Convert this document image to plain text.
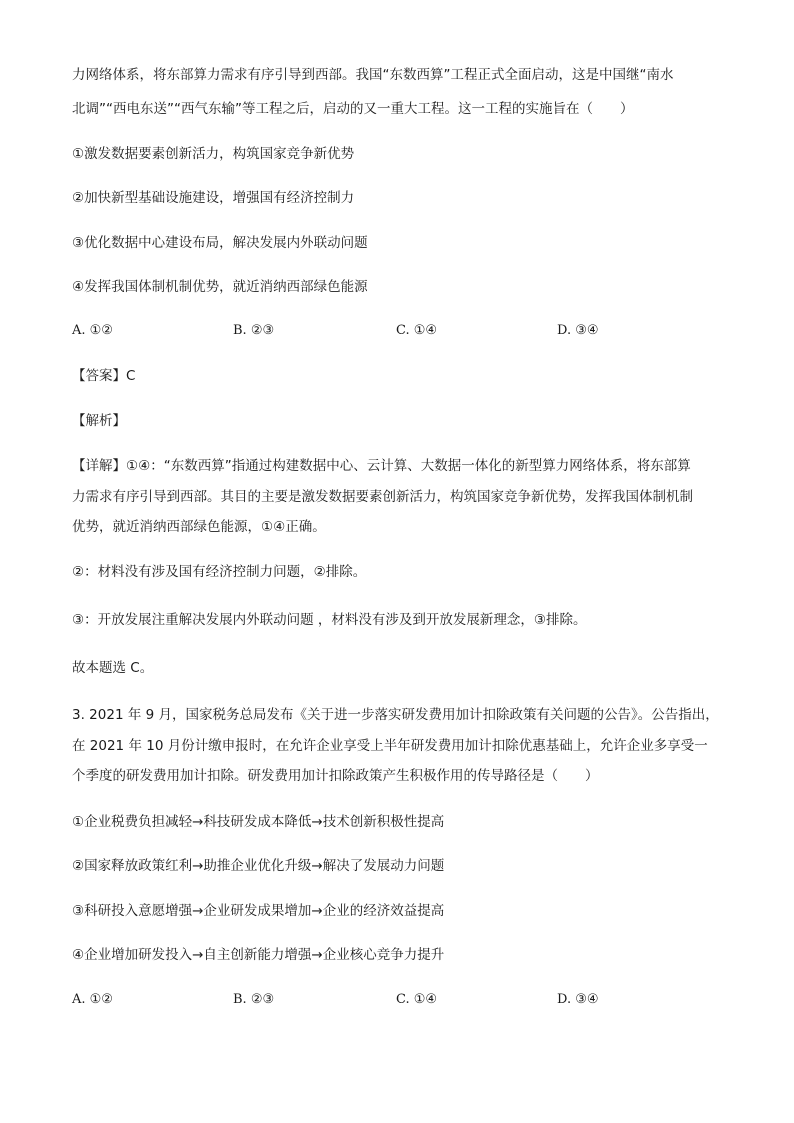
力网络体系，将东部算力需求有序引导到西部。我国“东数西算”工程正式全面启动，这是中国继“南水
北调”“西电东送”“西气东输”等工程之后，启动的又一重大工程。这一工程的实施旨在（　　）
①激发数据要素创新活力，构筑国家竞争新优势
②加快新型基础设施建设，增强国有经济控制力
③优化数据中心建设布局，解决发展内外联动问题
④发挥我国体制机制优势，就近消纳西部绿色能源
A. ①②	B. ②③	C. ①④	D. ③④
【答案】C
【解析】
【详解】①④：“东数西算”指通过构建数据中心、云计算、大数据一体化的新型算力网络体系，将东部算
力需求有序引导到西部。其目的主要是激发数据要素创新活力，构筑国家竞争新优势，发挥我国体制机制
优势，就近消纳西部绿色能源，①④正确。
②：材料没有涉及国有经济控制力问题，②排除。
③：开放发展注重解决发展内外联动问题 ，材料没有涉及到开放发展新理念，③排除。
故本题选 C。
3. 2021 年 9 月，国家税务总局发布《关于进一步落实研发费用加计扣除政策有关问题的公告》。公告指出，
在 2021 年 10 月份计缴申报时，在允许企业享受上半年研发费用加计扣除优惠基础上，允许企业多享受一
个季度的研发费用加计扣除。研发费用加计扣除政策产生积极作用的传导路径是（　　）
①企业税费负担减轻→科技研发成本降低→技术创新积极性提高
②国家释放政策红利→助推企业优化升级→解决了发展动力问题
③科研投入意愿增强→企业研发成果增加→企业的经济效益提高
④企业增加研发投入→自主创新能力增强→企业核心竞争力提升
A. ①②	B. ②③	C. ①④	D. ③④
